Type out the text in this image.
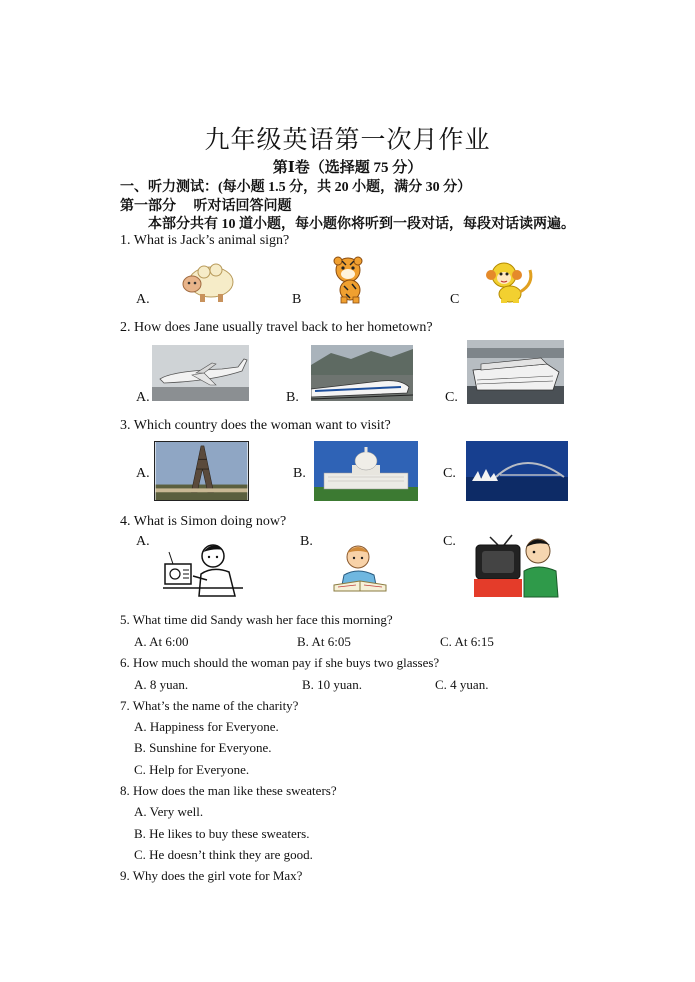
九年级英语第一次月作业
第Ⅰ卷（选择题 75 分）
一、听力测试：(每小题 1.5 分，共 20 小题，满分 30 分）
第一部分     听对话回答问题
本部分共有 10 道小题，每小题你将听到一段对话，每段对话读两遍。
1. What is Jack’s animal sign?
A.	B	C
2. How does Jane usually travel back to her hometown?
A.	B.	C.
3. Which country does the woman want to visit?
A.	B.	C.
4. What is Simon doing now?
A.	B.	C.
5. What time did Sandy wash her face this morning?
A. At 6:00	B. At 6:05	C. At 6:15
6. How much should the woman pay if she buys two glasses?
A. 8 yuan.	B. 10 yuan.	C. 4 yuan.
7. What’s the name of the charity?
A. Happiness for Everyone.
B. Sunshine for Everyone.
C. Help for Everyone.
8. How does the man like these sweaters?
A. Very well.
B. He likes to buy these sweaters.
C. He doesn’t think they are good.
9. Why does the girl vote for Max?
